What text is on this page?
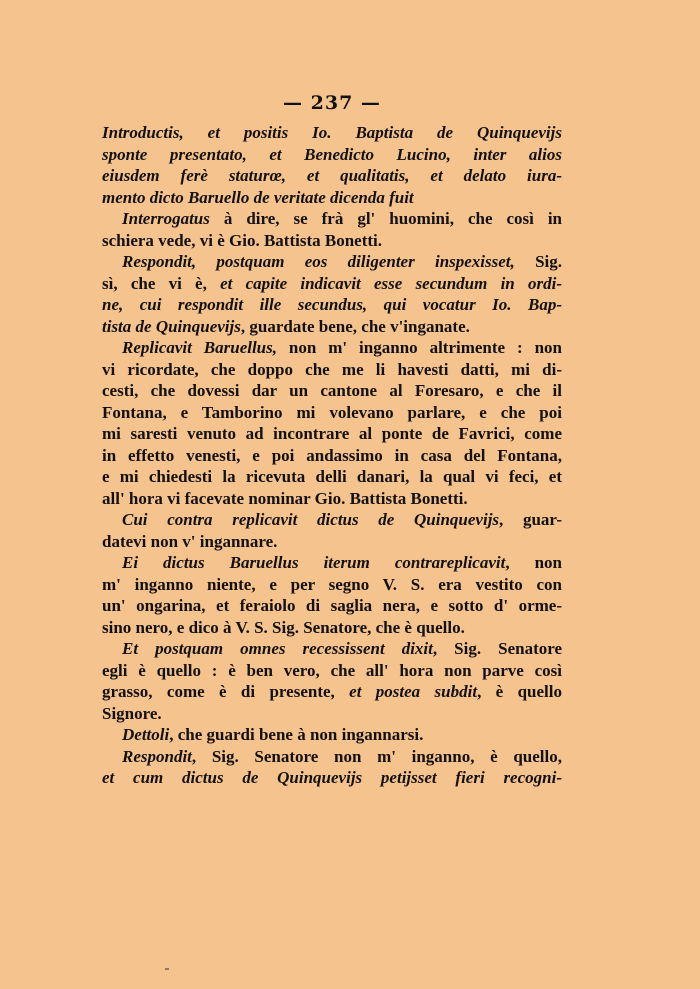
— 237 —
Introductis, et positis Io. Baptista de Quinquevijs
sponte presentato, et Benedicto Lucino, inter alios
eiusdem ferè staturœ, et qualitatis, et delato iura-
mento dicto Baruello de veritate dicenda fuit
Interrogatus à dire, se frà gl' huomini, che così in
schiera vede, vi è Gio. Battista Bonetti.
Respondit, postquam eos diligenter inspexisset, Sig.
sì, che vi è, et capite indicavit esse secundum in ordi-
ne, cui respondit ille secundus, qui vocatur Io. Bap-
tista de Quinquevijs, guardate bene, che v'inganate.
Replicavit Baruellus, non m' inganno altrimente : non
vi ricordate, che doppo che me li havesti datti, mi di-
cesti, che dovessi dar un cantone al Foresaro, e che il
Fontana, e Tamborino mi volevano parlare, e che poi
mi saresti venuto ad incontrare al ponte de Favrici, come
in effetto venesti, e poi andassimo in casa del Fontana,
e mi chiedesti la ricevuta delli danari, la qual vi feci, et
all' hora vi facevate nominar Gio. Battista Bonetti.
Cui contra replicavit dictus de Quinquevijs, guar-
datevi non v' ingannare.
Ei dictus Baruellus iterum contrareplicavit, non
m' inganno niente, e per segno V. S. era vestito con
un' ongarina, et feraiolo di saglia nera, e sotto d' orme-
sino nero, e dico à V. S. Sig. Senatore, che è quello.
Et postquam omnes recessissent dixit, Sig. Senatore
egli è quello : è ben vero, che all' hora non parve così
grasso, come è di presente, et postea subdit, è quello
Signore.
Dettoli, che guardi bene à non ingannarsi.
Respondit, Sig. Senatore non m' inganno, è quello,
et cum dictus de Quinquevijs petijsset fieri recogni-
